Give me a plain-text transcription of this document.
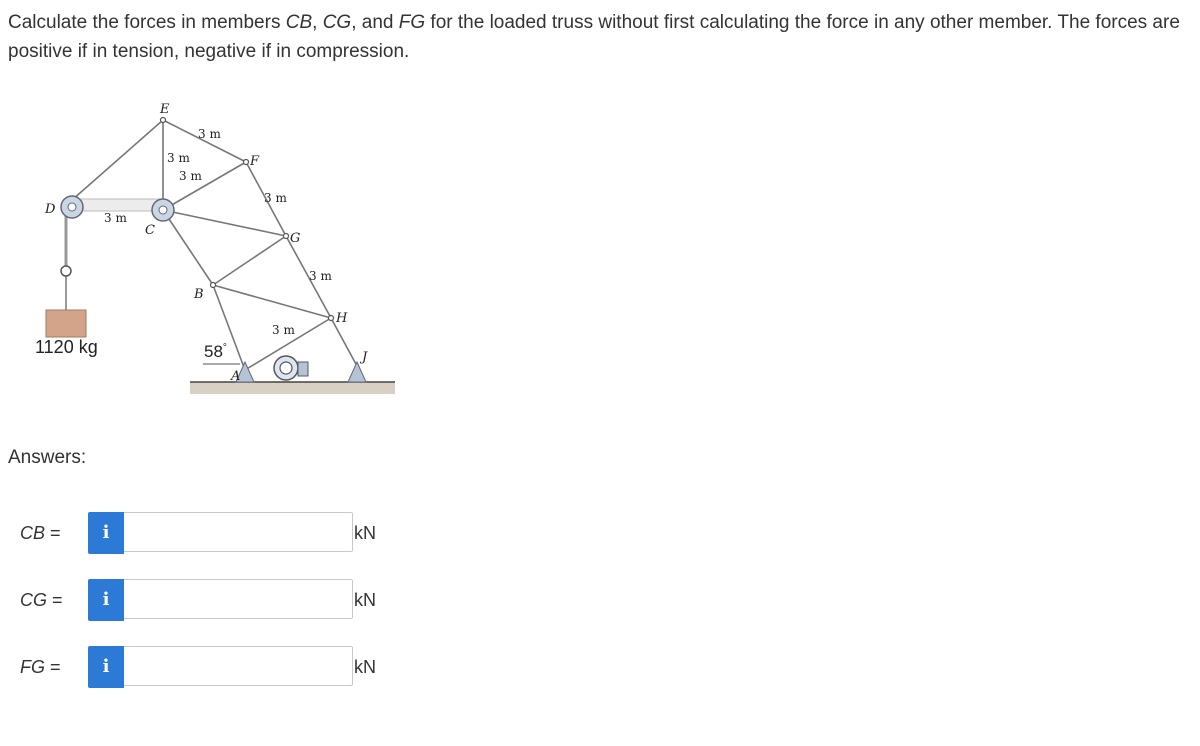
Calculate the forces in members CB, CG, and FG for the loaded truss without first calculating the force in any other member. The forces are positive if in tension, negative if in compression.
E
F
G
B
H
J
A
D
C
3 m
3 m
3 m
3 m
3 m
3 m
3 m
1120 kg	58°
Answers:
CB =	i	kN
CG =	i	kN
FG =	i	kN
